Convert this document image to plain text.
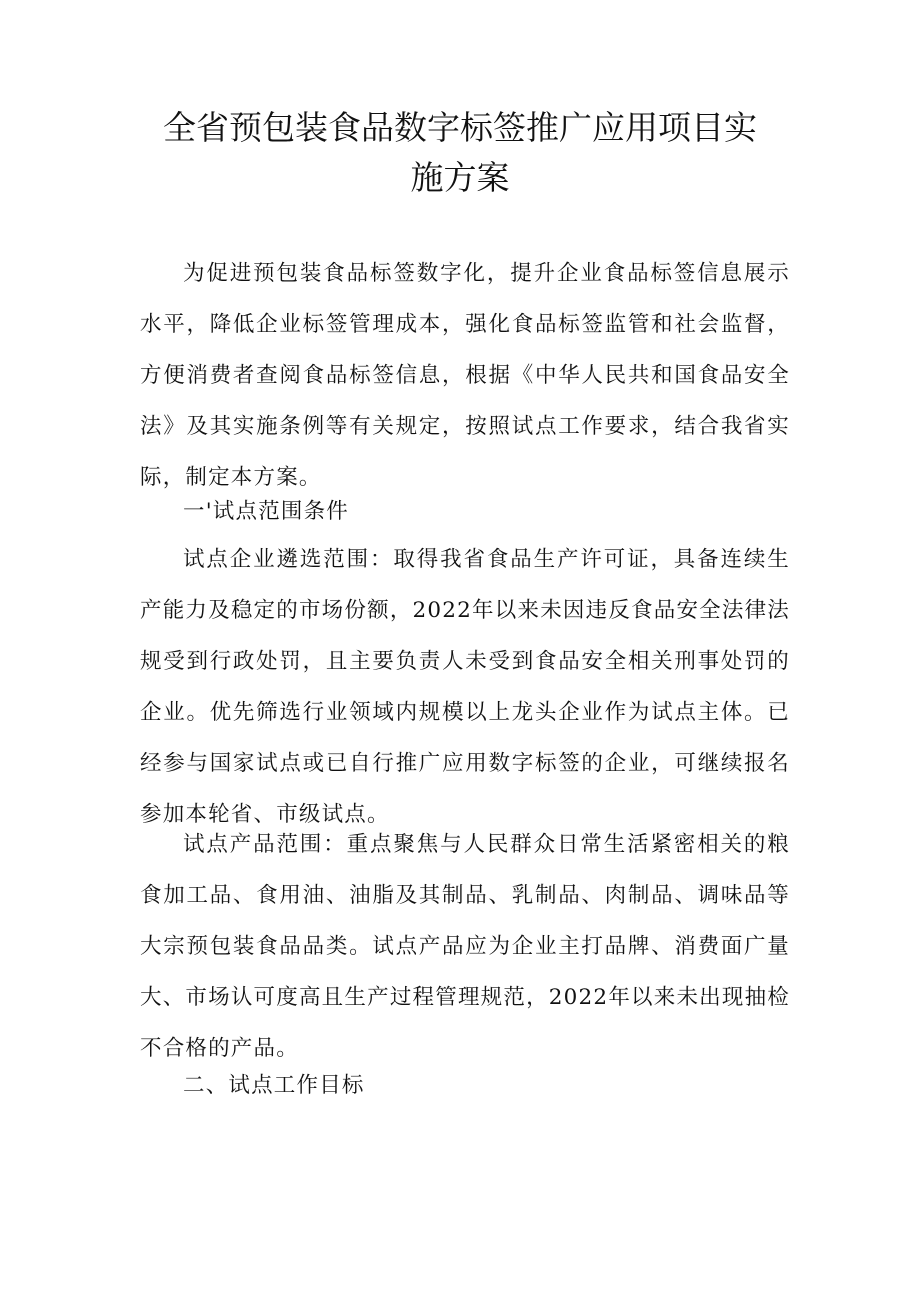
全省预包装食品数字标签推广应用项目实
施方案

为促进预包装食品标签数字化，提升企业食品标签信息展示水平，降低企业标签管理成本，强化食品标签监管和社会监督，方便消费者查阅食品标签信息，根据《中华人民共和国食品安全法》及其实施条例等有关规定，按照试点工作要求，结合我省实际，制定本方案。

一'试点范围条件

试点企业遴选范围：取得我省食品生产许可证，具备连续生产能力及稳定的市场份额，2022年以来未因违反食品安全法律法规受到行政处罚，且主要负责人未受到食品安全相关刑事处罚的企业。优先筛选行业领域内规模以上龙头企业作为试点主体。已经参与国家试点或已自行推广应用数字标签的企业，可继续报名参加本轮省、市级试点。

试点产品范围：重点聚焦与人民群众日常生活紧密相关的粮食加工品、食用油、油脂及其制品、乳制品、肉制品、调味品等大宗预包装食品品类。试点产品应为企业主打品牌、消费面广量大、市场认可度高且生产过程管理规范，2022年以来未出现抽检不合格的产品。

二、试点工作目标
